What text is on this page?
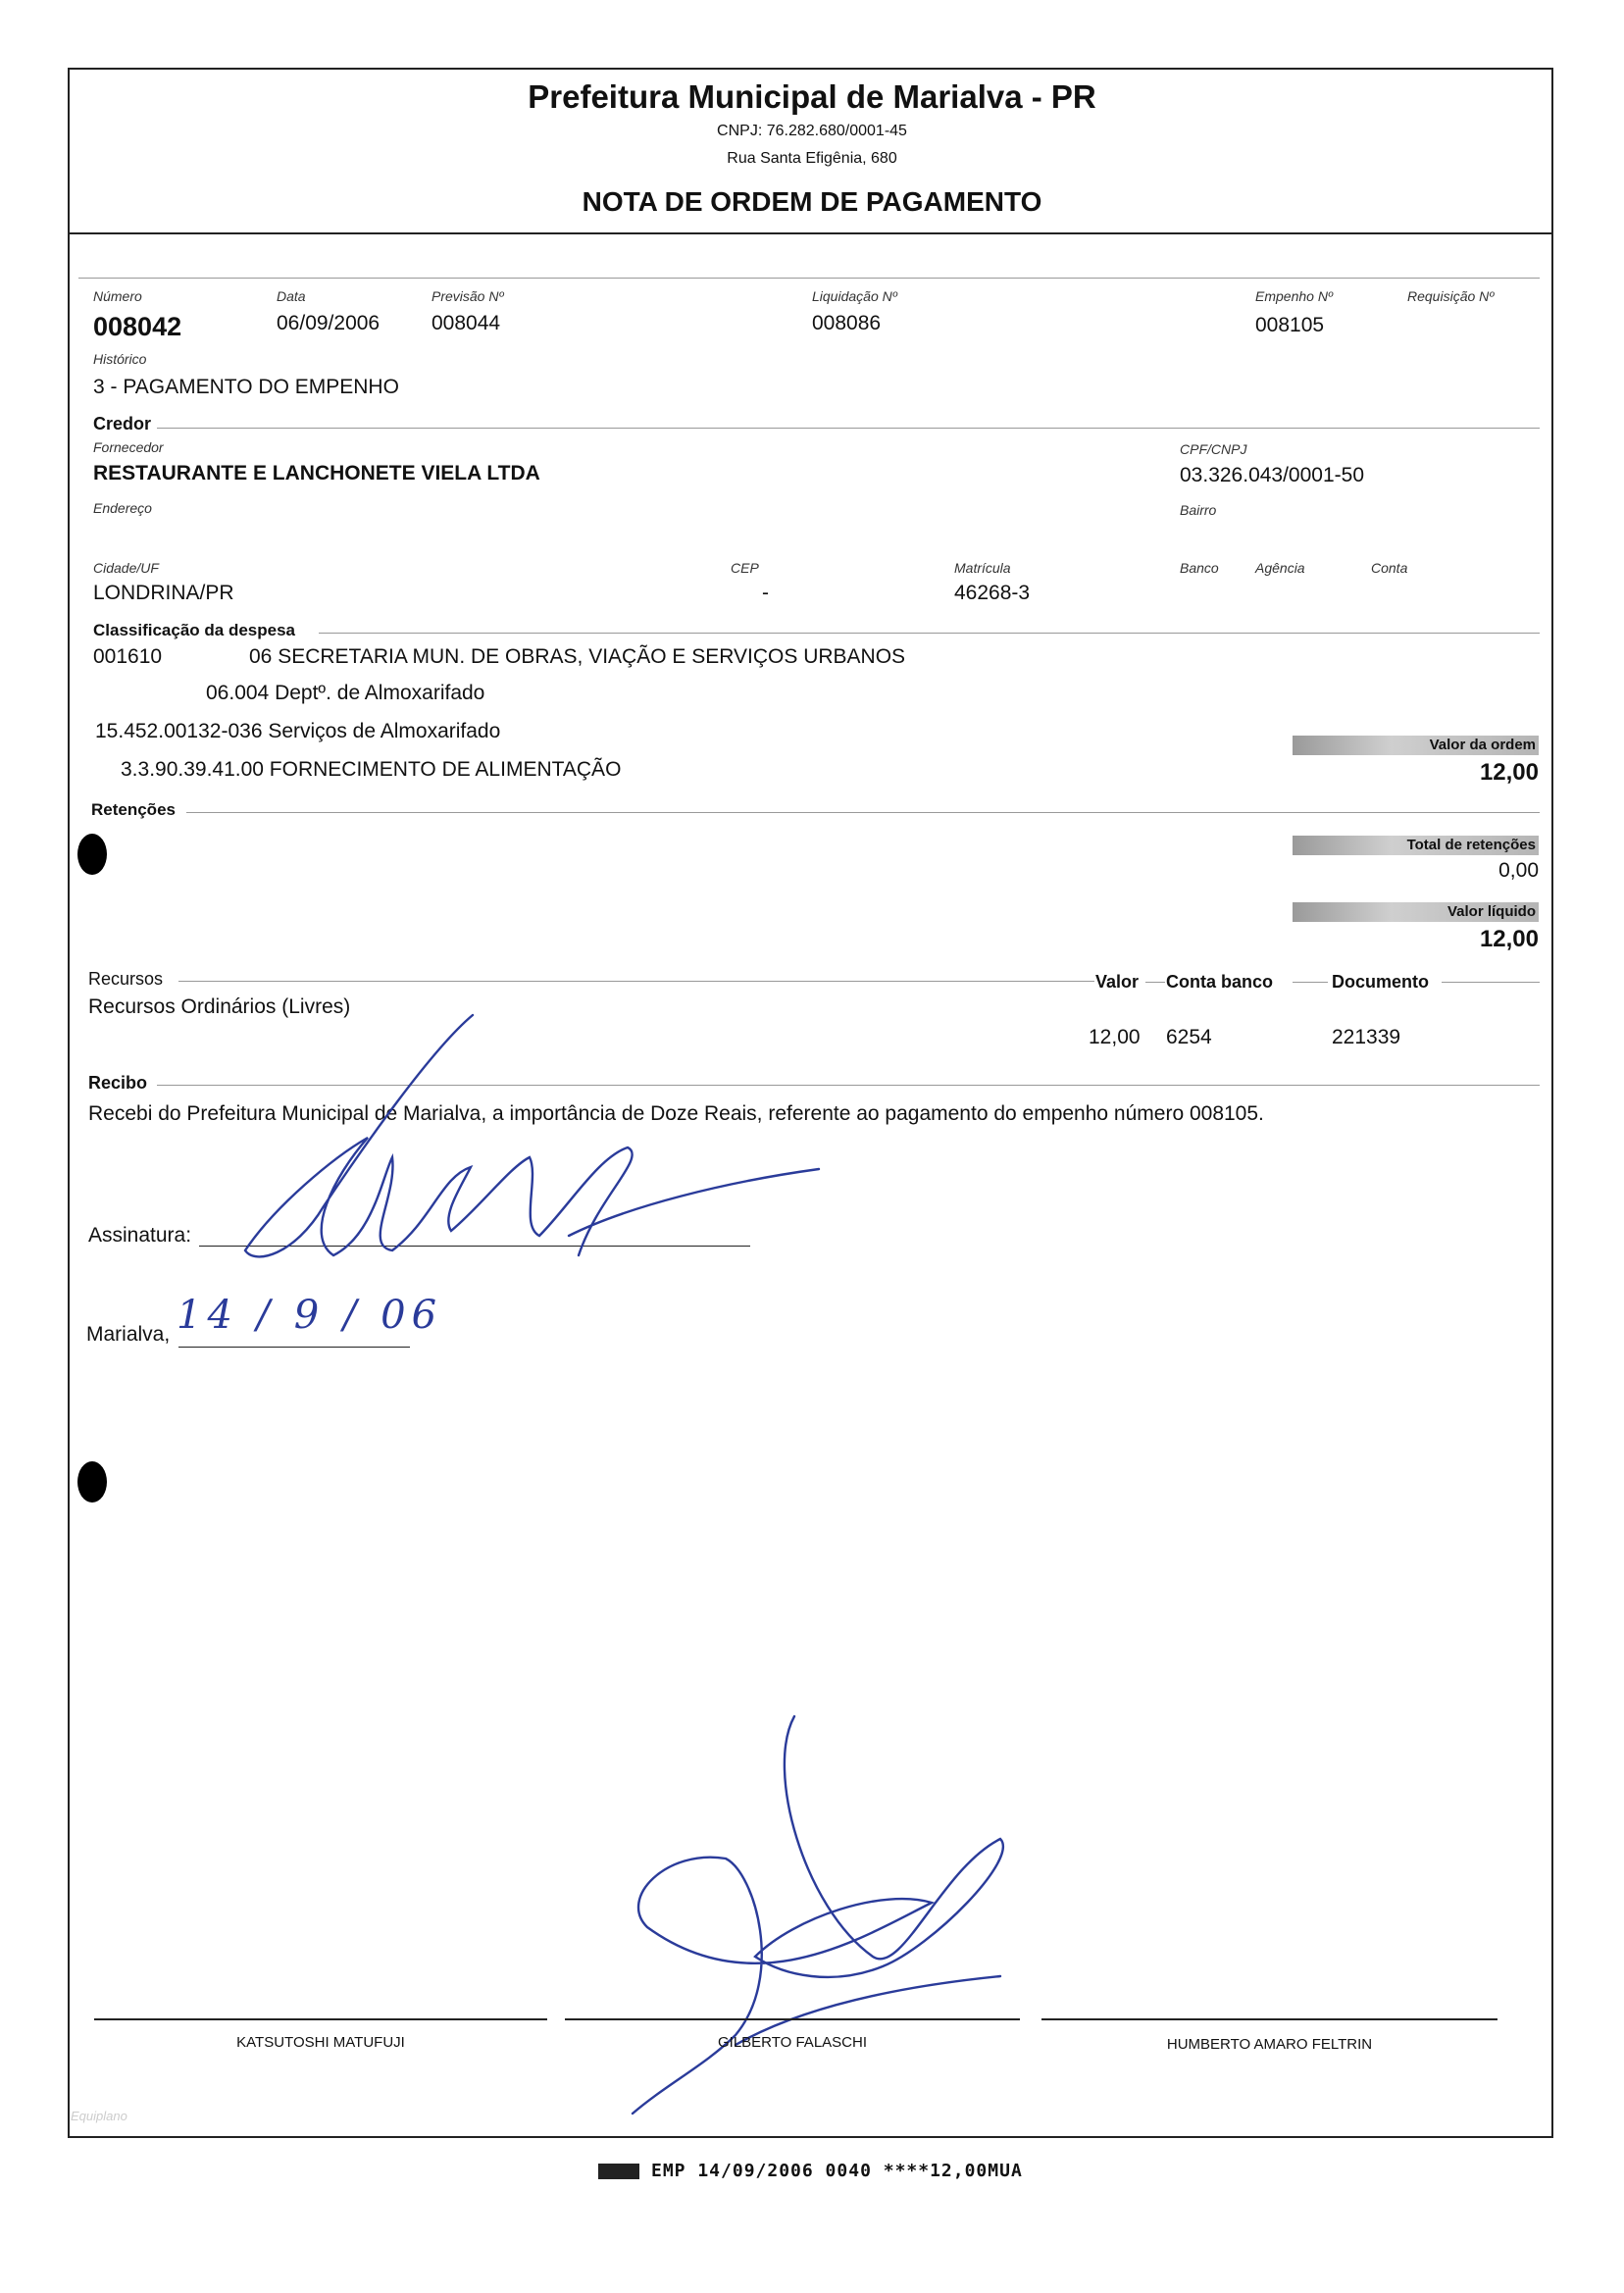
Prefeitura Municipal de Marialva - PR
CNPJ: 76.282.680/0001-45
Rua Santa Efigênia, 680
NOTA DE ORDEM DE PAGAMENTO
Número
008042
Data
06/09/2006
Previsão Nº
008044
Liquidação Nº
008086
Empenho Nº
008105
Requisição Nº
Histórico
3 - PAGAMENTO DO EMPENHO
Credor
Fornecedor
RESTAURANTE E LANCHONETE VIELA LTDA
CPF/CNPJ
03.326.043/0001-50
Endereço	Bairro
Cidade/UF
LONDRINA/PR
CEP
-
Matrícula
46268-3
Banco	Agência	Conta
Classificação da despesa
001610	06 SECRETARIA MUN. DE OBRAS, VIAÇÃO E SERVIÇOS URBANOS
06.004 Deptº. de Almoxarifado
15.452.00132-036 Serviços de Almoxarifado
3.3.90.39.41.00 FORNECIMENTO DE ALIMENTAÇÃO
Valor da ordem
12,00
Retenções
Total de retenções
0,00
Valor líquido
12,00
Recursos	Valor Conta banco	Documento
Recursos Ordinários (Livres)
12,00 6254	221339
Recibo
Recebi do Prefeitura Municipal de Marialva, a importância de Doze Reais, referente ao pagamento do empenho número 008105.
Assinatura:
Marialva, 14 / 9 / 06
KATSUTOSHI MATUFUJI	GILBERTO FALASCHI	HUMBERTO AMARO FELTRIN
Equiplano
EMP 14/09/2006 0040 ****12,00MUA
